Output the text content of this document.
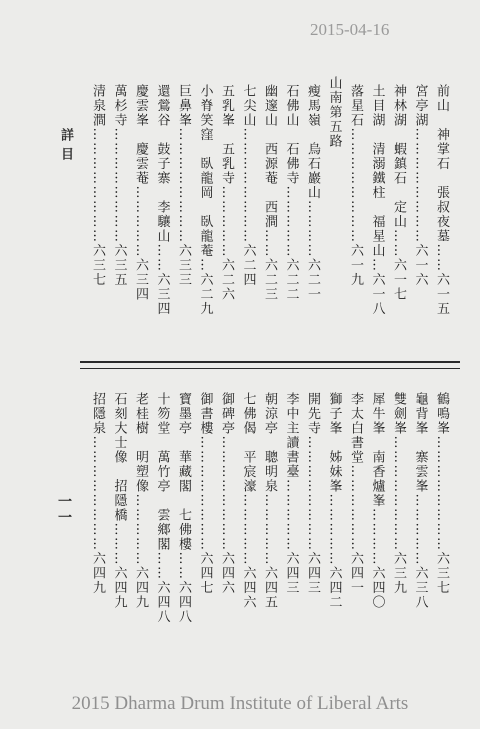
2015-04-16
前山　神掌石　張叔夜墓……六一五
宮亭湖……………………六一六
神林湖　蝦鎮石　定山……六一七
土目湖　清溺鐵柱　福星山…六一八
落星石……………………六一九
山南第五路
瘦馬嶺　烏石巖山…………六二一
石佛山　石佛寺……………六二二
幽邃山　西源菴　西澗……六二三
七尖山……………………六二四
五乳峯　五乳寺……………六二六
小脊笑窪　臥龍岡　臥龍菴…六二九
巨鼻峯……………………六三三
還鶯谷　鼓子寨　李驤山……六三四
慶雲峯　慶雲菴……………六三四
萬杉寺……………………六三五
清泉澗……………………六三七
鶴鳴峯……………………六三七
龜背峯　寨雲峯……………六三八
雙劍峯……………………六三九
犀牛峯　南香爐峯…………六四〇
李太白書堂………………六四一
獅子峯　姊妹峯……………六四二
開先寺……………………六四三
李中主讀書臺……………六四三
朝涼亭　聰明泉……………六四五
七佛偈　平宸濠……………六四六
御碑亭……………………六四六
御書樓……………………六四七
寶墨亭　華藏閣　七佛樓……六四八
十笏堂　萬竹亭　雲鄉閣……六四八
老桂樹　明塑像……………六四九
石刻大士像　招隱橋………六四九
招隱泉……………………六四九
詳目
一一
2015 Dharma Drum Institute of Liberal Arts
